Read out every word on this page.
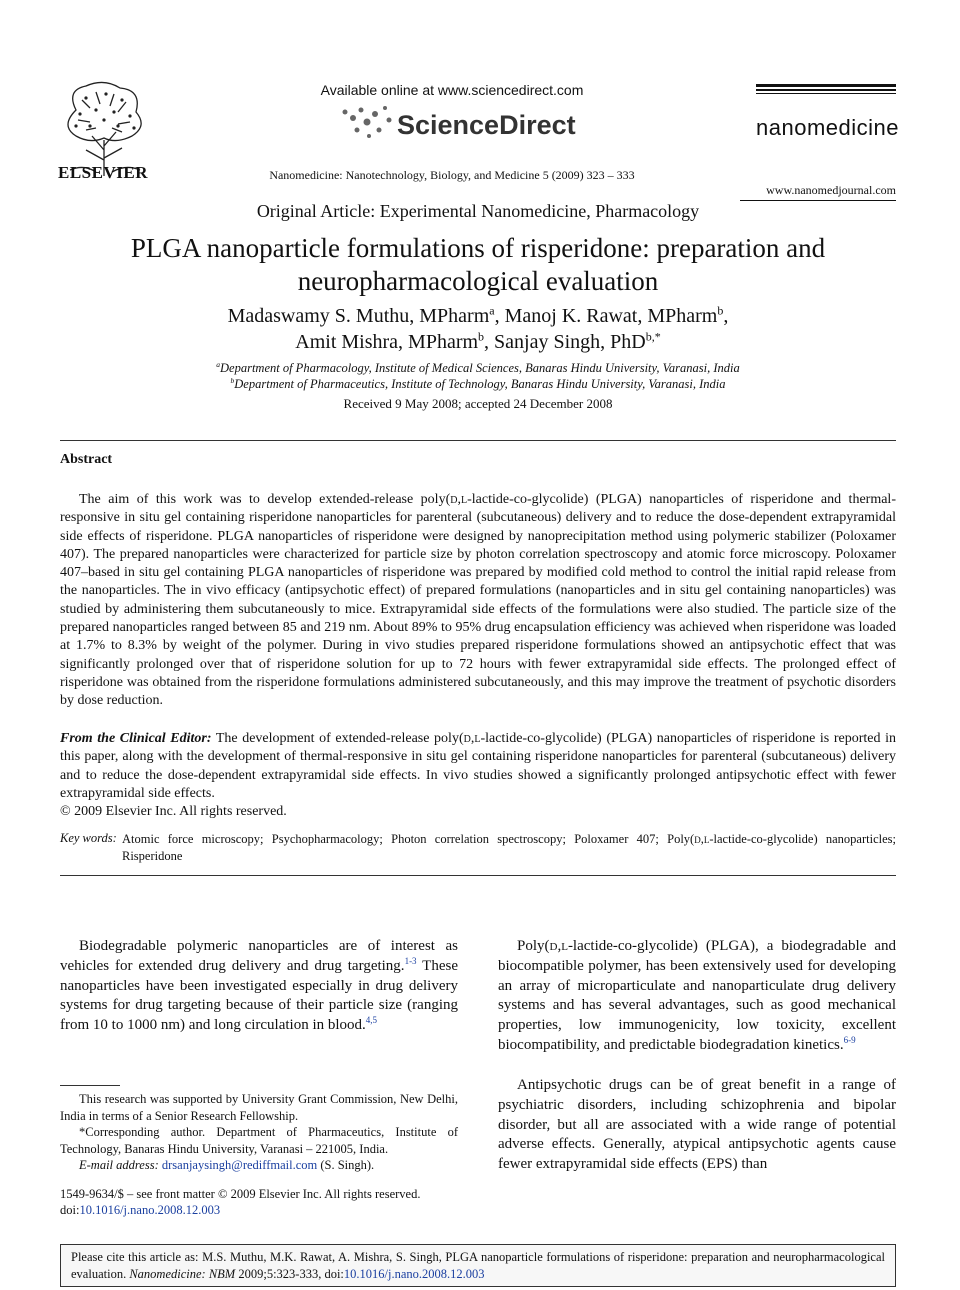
ELSEVIER
Available online at www.sciencedirect.com
ScienceDirect
Nanomedicine: Nanotechnology, Biology, and Medicine 5 (2009) 323 – 333
nanomedicine
www.nanomedjournal.com
Original Article: Experimental Nanomedicine, Pharmacology
PLGA nanoparticle formulations of risperidone: preparation and
neuropharmacological evaluation
Madaswamy S. Muthu, MPharm$^a$, Manoj K. Rawat, MPharm$^b$,
Amit Mishra, MPharm$^b$, Sanjay Singh, PhD$^{b,*}$
$^a$Department of Pharmacology, Institute of Medical Sciences, Banaras Hindu University, Varanasi, India
$^b$Department of Pharmaceutics, Institute of Technology, Banaras Hindu University, Varanasi, India
Received 9 May 2008; accepted 24 December 2008
Abstract

The aim of this work was to develop extended-release poly(d,l-lactide-co-glycolide) (PLGA) nanoparticles of risperidone and thermal-responsive in situ gel containing risperidone nanoparticles for parenteral (subcutaneous) delivery and to reduce the dose-dependent extrapyramidal side effects of risperidone. PLGA nanoparticles of risperidone were designed by nanoprecipitation method using polymeric stabilizer (Poloxamer 407). The prepared nanoparticles were characterized for particle size by photon correlation spectroscopy and atomic force microscopy. Poloxamer 407–based in situ gel containing PLGA nanoparticles of risperidone was prepared by modified cold method to control the initial rapid release from the nanoparticles. The in vivo efficacy (antipsychotic effect) of prepared formulations (nanoparticles and in situ gel containing nanoparticles) was studied by administering them subcutaneously to mice. Extrapyramidal side effects of the formulations were also studied. The particle size of the prepared nanoparticles ranged between 85 and 219 nm. About 89% to 95% drug encapsulation efficiency was achieved when risperidone was loaded at 1.7% to 8.3% by weight of the polymer. During in vivo studies prepared risperidone formulations showed an antipsychotic effect that was significantly prolonged over that of risperidone solution for up to 72 hours with fewer extrapyramidal side effects. The prolonged effect of risperidone was obtained from the risperidone formulations administered subcutaneously, and this may improve the treatment of psychotic disorders by dose reduction.

From the Clinical Editor: The development of extended-release poly(d,l-lactide-co-glycolide) (PLGA) nanoparticles of risperidone is reported in this paper, along with the development of thermal-responsive in situ gel containing risperidone nanoparticles for parenteral (subcutaneous) delivery and to reduce the dose-dependent extrapyramidal side effects. In vivo studies showed a significantly prolonged antipsychotic effect with fewer extrapyramidal side effects.

© 2009 Elsevier Inc. All rights reserved.
Key words: Atomic force microscopy; Psychopharmacology; Photon correlation spectroscopy; Poloxamer 407; Poly(d,l-lactide-co-glycolide) nanoparticles; Risperidone

Biodegradable polymeric nanoparticles are of interest as vehicles for extended drug delivery and drug targeting.$^{1-3}$ These nanoparticles have been investigated especially in drug delivery systems for drug targeting because of their particle size (ranging from 10 to 1000 nm) and long circulation in blood.$^{4,5}$

Poly(d,l-lactide-co-glycolide) (PLGA), a biodegradable and biocompatible polymer, has been extensively used for developing an array of microparticulate and nanoparticulate drug delivery systems and has several advantages, such as good mechanical properties, low immunogenicity, low toxicity, excellent biocompatibility, and predictable biodegradation kinetics.$^{6-9}$

Antipsychotic drugs can be of great benefit in a range of psychiatric disorders, including schizophrenia and bipolar disorder, but all are associated with a wide range of potential adverse effects. Generally, atypical antipsychotic agents cause fewer extrapyramidal side effects (EPS) than

This research was supported by University Grant Commission, New Delhi, India in terms of a Senior Research Fellowship.

*Corresponding author. Department of Pharmaceutics, Institute of Technology, Banaras Hindu University, Varanasi – 221005, India.

E-mail address: drsanjaysingh@rediffmail.com (S. Singh).

1549-9634/$ – see front matter © 2009 Elsevier Inc. All rights reserved.
doi:10.1016/j.nano.2008.12.003
Please cite this article as: M.S. Muthu, M.K. Rawat, A. Mishra, S. Singh, PLGA nanoparticle formulations of risperidone: preparation and neuropharmacological evaluation. Nanomedicine: NBM 2009;5:323-333, doi:10.1016/j.nano.2008.12.003
